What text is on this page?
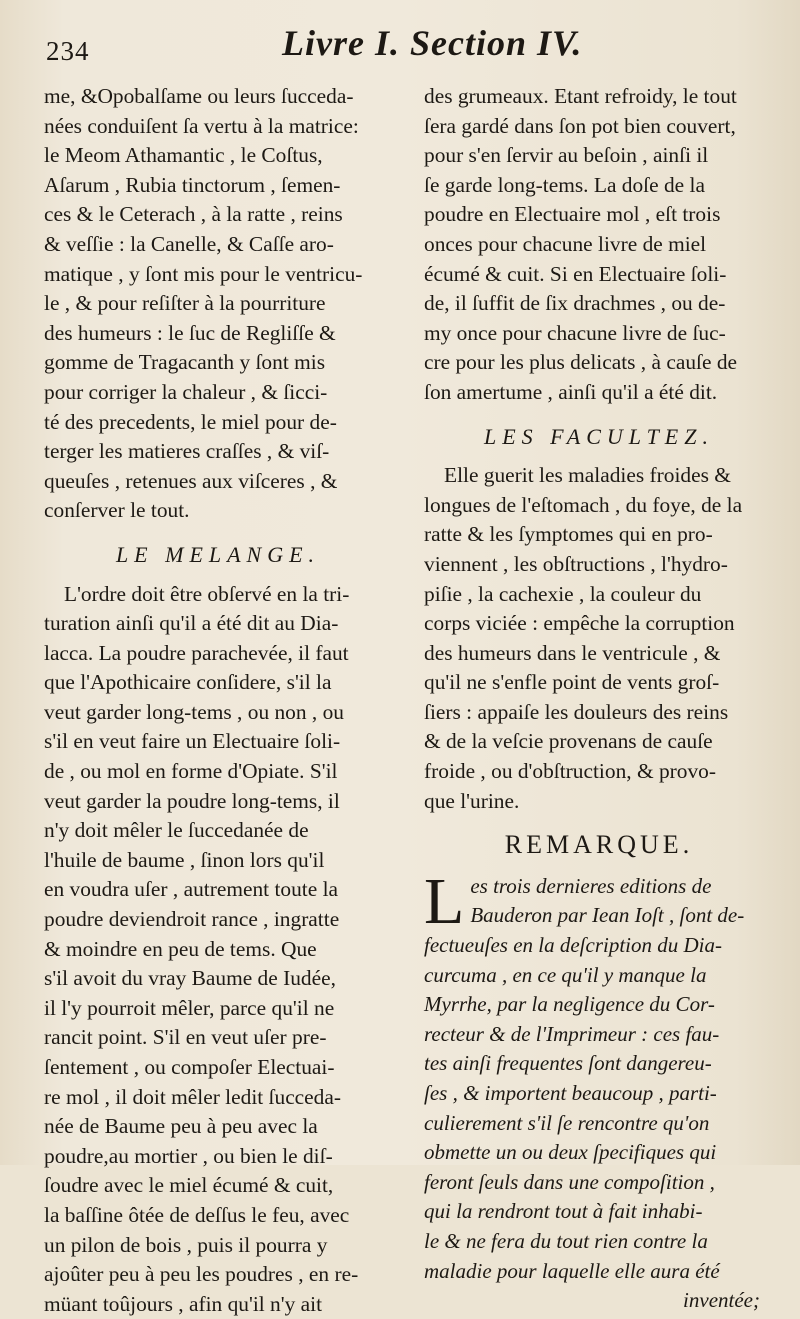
234	Livre I. Section IV.

me, &Opobalſame ou leurs ſucceda-
nées conduiſent ſa vertu à la matrice:
le Meom Athamantic , le Coſtus,
Aſarum , Rubia tinctorum , ſemen-
ces & le Ceterach , à la ratte , reins
& veſſie : la Canelle, & Caſſe aro-
matique , y ſont mis pour le ventricu-
le , & pour reſiſter à la pourriture
des humeurs : le ſuc de Regliſſe &
gomme de Tragacanth y ſont mis
pour corriger la chaleur , & ſicci-
té des precedents, le miel pour de-
terger les matieres craſſes , & viſ-
queuſes , retenues aux viſceres , &
conſerver le tout.

LE MELANGE.

L'ordre doit être obſervé en la tri-
turation ainſi qu'il a été dit au Dia-
lacca. La poudre parachevée, il faut
que l'Apothicaire conſidere, s'il la
veut garder long-tems , ou non , ou
s'il en veut faire un Electuaire ſoli-
de , ou mol en forme d'Opiate. S'il
veut garder la poudre long-tems, il
n'y doit mêler le ſuccedanée de
l'huile de baume , ſinon lors qu'il
en voudra uſer , autrement toute la
poudre deviendroit rance , ingratte
& moindre en peu de tems. Que
s'il avoit du vray Baume de Iudée,
il l'y pourroit mêler, parce qu'il ne
rancit point. S'il en veut uſer pre-
ſentement , ou compoſer Electuai-
re mol , il doit mêler ledit ſucceda-
née de Baume peu à peu avec la
poudre,au mortier , ou bien le diſ-
ſoudre avec le miel écumé & cuit,
la baſſine ôtée de deſſus le feu, avec
un pilon de bois , puis il pourra y
ajoûter peu à peu les poudres , en re-
müant toûjours , afin qu'il n'y ait

des grumeaux. Etant refroidy, le tout
ſera gardé dans ſon pot bien couvert,
pour s'en ſervir au beſoin , ainſi il
ſe garde long-tems. La doſe de la
poudre en Electuaire mol , eſt trois
onces pour chacune livre de miel
écumé & cuit. Si en Electuaire ſoli-
de, il ſuffit de ſix drachmes , ou de-
my once pour chacune livre de ſuc-
cre pour les plus delicats , à cauſe de
ſon amertume , ainſi qu'il a été dit.

LES FACULTEZ.

Elle guerit les maladies froides &
longues de l'eſtomach , du foye, de la
ratte & les ſymptomes qui en pro-
viennent , les obſtructions , l'hydro-
piſie , la cachexie , la couleur du
corps viciée : empêche la corruption
des humeurs dans le ventricule , &
qu'il ne s'enfle point de vents groſ-
ſiers : appaiſe les douleurs des reins
& de la veſcie provenans de cauſe
froide , ou d'obſtruction, & provo-
que l'urine.

REMARQUE.
L es trois dernieres editions de
Bauderon par Iean Ioſt , ſont de-
fectueuſes en la deſcription du Dia-
curcuma , en ce qu'il y manque la
Myrrhe, par la negligence du Cor-
recteur & de l'Imprimeur : ces fau-
tes ainſi frequentes ſont dangereu-
ſes , & importent beaucoup , parti-
culierement s'il ſe rencontre qu'on
obmette un ou deux ſpecifiques qui
feront ſeuls dans une compoſition ,
qui la rendront tout à fait inhabi-
le & ne fera du tout rien contre la
maladie pour laquelle elle aura été

inventée;
